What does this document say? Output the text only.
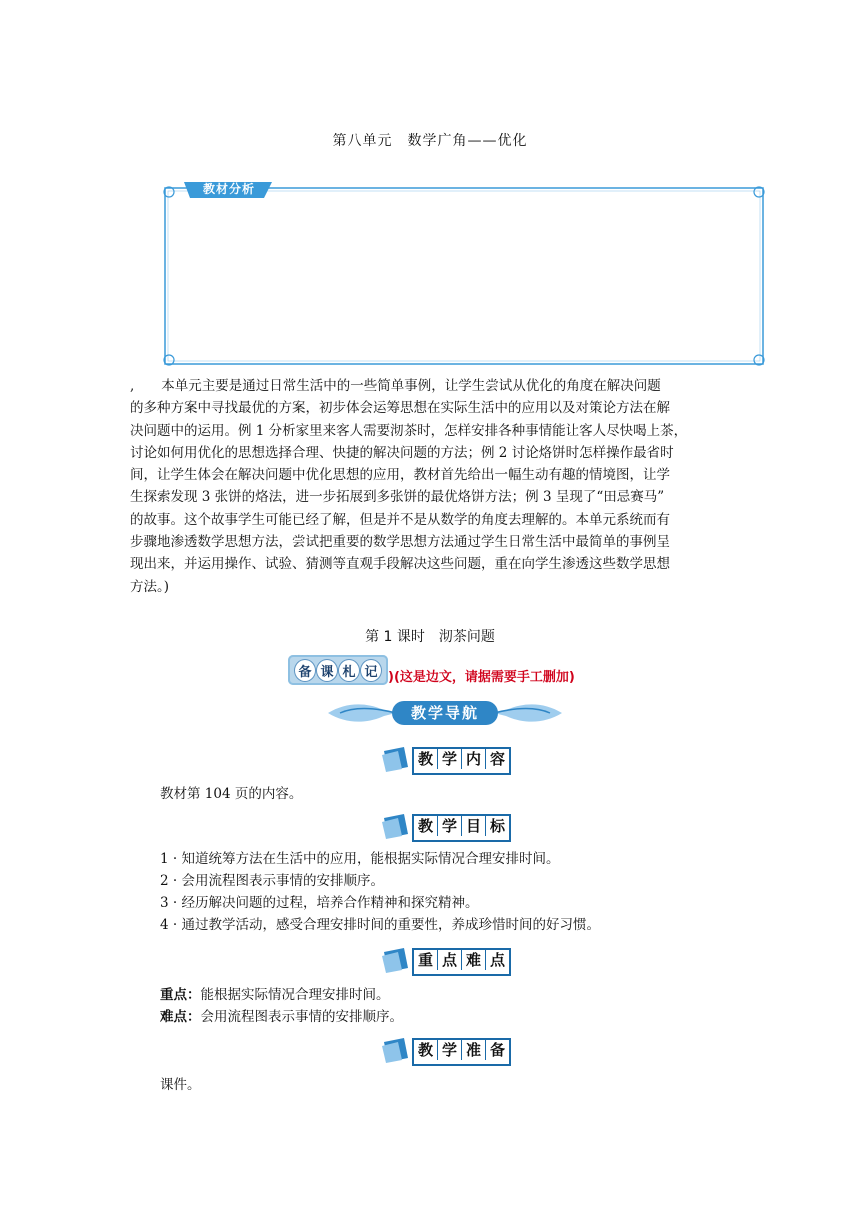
第八单元　数学广角——优化
教材分析

,　　本单元主要是通过日常生活中的一些简单事例，让学生尝试从优化的角度在解决问题

的多种方案中寻找最优的方案，初步体会运筹思想在实际生活中的应用以及对策论方法在解

决问题中的运用。例 1 分析家里来客人需要沏茶时，怎样安排各种事情能让客人尽快喝上茶，

讨论如何用优化的思想选择合理、快捷的解决问题的方法；例 2 讨论烙饼时怎样操作最省时

间，让学生体会在解决问题中优化思想的应用，教材首先给出一幅生动有趣的情境图，让学

生探索发现 3 张饼的烙法，进一步拓展到多张饼的最优烙饼方法；例 3 呈现了“田忌赛马”

的故事。这个故事学生可能已经了解，但是并不是从数学的角度去理解的。本单元系统而有

步骤地渗透数学思想方法，尝试把重要的数学思想方法通过学生日常生活中最简单的事例呈

现出来，并运用操作、试验、猜测等直观手段解决这些问题，重在向学生渗透这些数学思想

方法。)

第 1 课时　沏茶问题
备 课 札 记 )(这是边文，请据需要手工删加)
教学导航
教 学 内 容
教材第 104 页的内容。
教 学 目 标
1 · 知道统筹方法在生活中的应用，能根据实际情况合理安排时间。
2 · 会用流程图表示事情的安排顺序。
3 · 经历解决问题的过程，培养合作精神和探究精神。
4 · 通过教学活动，感受合理安排时间的重要性，养成珍惜时间的好习惯。
重 点 难 点
重点：能根据实际情况合理安排时间。
难点：会用流程图表示事情的安排顺序。
教 学 准 备
课件。
